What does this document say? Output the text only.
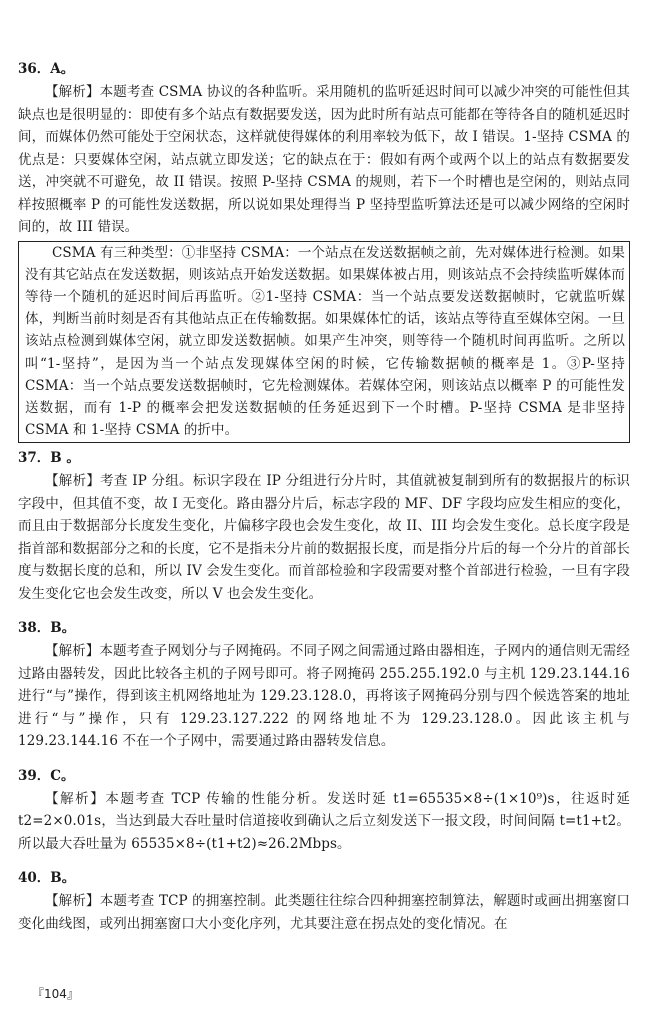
36．A。

【解析】本题考查 CSMA 协议的各种监听。采用随机的监听延迟时间可以减少冲突的可能性但其缺点也是很明显的：即使有多个站点有数据要发送，因为此时所有站点可能都在等待各自的随机延迟时间，而媒体仍然可能处于空闲状态，这样就使得媒体的利用率较为低下，故 I 错误。1-坚持 CSMA 的优点是：只要媒体空闲，站点就立即发送；它的缺点在于：假如有两个或两个以上的站点有数据要发送，冲突就不可避免，故 II 错误。按照 P-坚持 CSMA 的规则，若下一个时槽也是空闲的，则站点同样按照概率 P 的可能性发送数据，所以说如果处理得当 P 坚持型监听算法还是可以减少网络的空闲时间的，故 III 错误。

CSMA 有三种类型：①非坚持 CSMA：一个站点在发送数据帧之前，先对媒体进行检测。如果没有其它站点在发送数据，则该站点开始发送数据。如果媒体被占用，则该站点不会持续监听媒体而等待一个随机的延迟时间后再监听。②1-坚持 CSMA：当一个站点要发送数据帧时，它就监听媒体，判断当前时刻是否有其他站点正在传输数据。如果媒体忙的话，该站点等待直至媒体空闲。一旦该站点检测到媒体空闲，就立即发送数据帧。如果产生冲突，则等待一个随机时间再监听。之所以叫“1-坚持”，是因为当一个站点发现媒体空闲的时候，它传输数据帧的概率是 1。③P-坚持 CSMA：当一个站点要发送数据帧时，它先检测媒体。若媒体空闲，则该站点以概率 P 的可能性发送数据，而有 1-P 的概率会把发送数据帧的任务延迟到下一个时槽。P-坚持 CSMA 是非坚持 CSMA 和 1-坚持 CSMA 的折中。

37．B 。

【解析】考查 IP 分组。标识字段在 IP 分组进行分片时，其值就被复制到所有的数据报片的标识字段中，但其值不变，故 I 无变化。路由器分片后，标志字段的 MF、DF 字段均应发生相应的变化，而且由于数据部分长度发生变化，片偏移字段也会发生变化，故 II、III 均会发生变化。总长度字段是指首部和数据部分之和的长度，它不是指未分片前的数据报长度，而是指分片后的每一个分片的首部长度与数据长度的总和，所以 IV 会发生变化。而首部检验和字段需要对整个首部进行检验，一旦有字段发生变化它也会发生改变，所以 V 也会发生变化。

38．B。

【解析】本题考查子网划分与子网掩码。不同子网之间需通过路由器相连，子网内的通信则无需经过路由器转发，因此比较各主机的子网号即可。将子网掩码 255.255.192.0 与主机 129.23.144.16 进行“与”操作，得到该主机网络地址为 129.23.128.0，再将该子网掩码分别与四个候选答案的地址进行“与”操作，只有 129.23.127.222 的网络地址不为 129.23.128.0。因此该主机与 129.23.144.16 不在一个子网中，需要通过路由器转发信息。

39．C。

【解析】本题考查 TCP 传输的性能分析。发送时延 t1=65535×8÷(1×10⁹)s，往返时延 t2=2×0.01s，当达到最大吞吐量时信道接收到确认之后立刻发送下一报文段，时间间隔 t=t1+t2。所以最大吞吐量为 65535×8÷(t1+t2)≈26.2Mbps。

40．B。

【解析】本题考查 TCP 的拥塞控制。此类题往往综合四种拥塞控制算法，解题时或画出拥塞窗口变化曲线图，或列出拥塞窗口大小变化序列，尤其要注意在拐点处的变化情况。在

『104』
